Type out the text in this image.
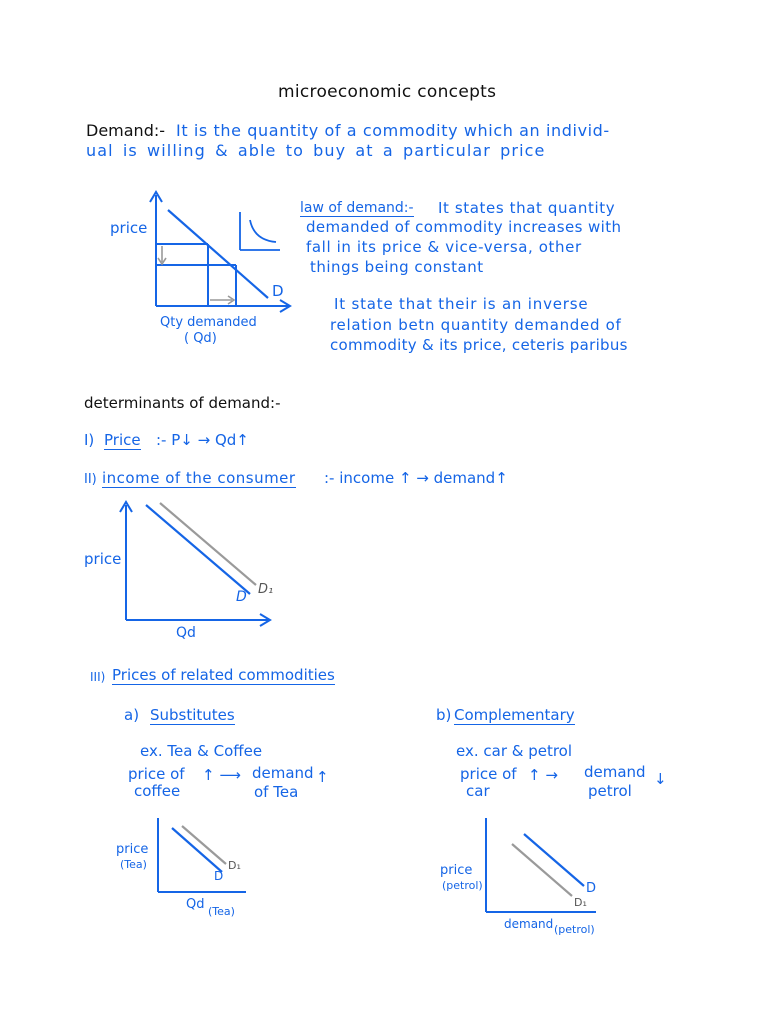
microeconomic concepts
Demand:- It is the quantity of a commodity which an individ-
ual is willing & able to buy at a particular price
price
D
Qty demanded
( Qd)
law of demand:- It states that quantity
demanded of commodity increases with
fall in its price & vice-versa, other
things being constant
It state that their is an inverse
relation betn quantity demanded of
commodity & its price, ceteris paribus
determinants of demand:-
I) Price :- P↓ → Qd↑
II) income of the consumer :- income ↑ → demand↑
price
D D₁
Qd
III) Prices of related commodities
a) Substitutes
ex. Tea & Coffee
price of
coffee
↑ ⟶ demand
of Tea
↑
price
(Tea)
D
D₁
Qd (Tea)
b) Complementary
ex. car & petrol
price of
car
↑ → demand
petrol
↓
price
(petrol)	D
D₁
demand (petrol)
